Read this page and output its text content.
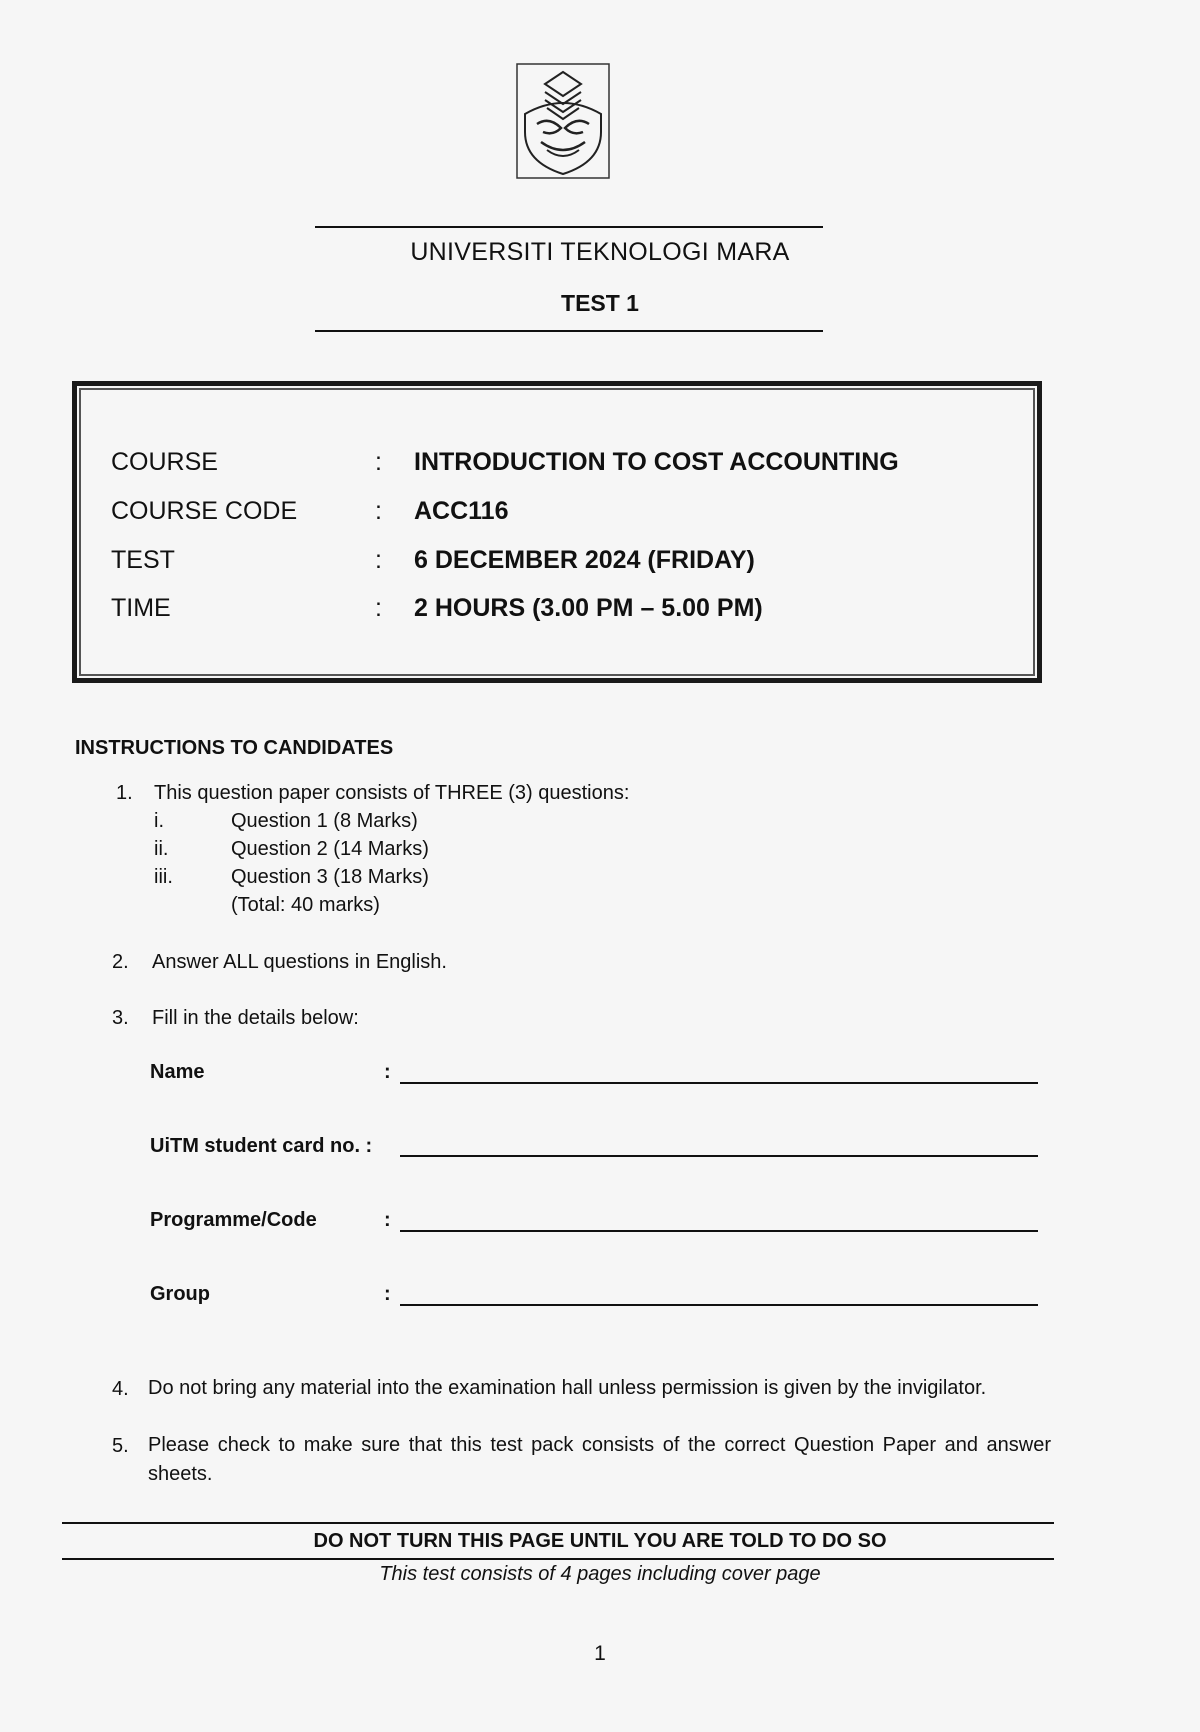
UNIVERSITI TEKNOLOGI MARA
TEST 1
COURSE	: INTRODUCTION TO COST ACCOUNTING
COURSE CODE	: ACC116
TEST	: 6 DECEMBER 2024 (FRIDAY)
TIME	: 2 HOURS (3.00 PM – 5.00 PM)
INSTRUCTIONS TO CANDIDATES
1. This question paper consists of THREE (3) questions:
i.	Question 1 (8 Marks)
ii.	Question 2 (14 Marks)
iii.	Question 3 (18 Marks)
(Total: 40 marks)
2. Answer ALL questions in English.
3. Fill in the details below:
Name	:
UiTM student card no. :
Programme/Code	:
Group	:
4. Do not bring any material into the examination hall unless permission is given by the invigilator.
5. Please check to make sure that this test pack consists of the correct Question Paper and answer sheets.
DO NOT TURN THIS PAGE UNTIL YOU ARE TOLD TO DO SO
This test consists of 4 pages including cover page
1
